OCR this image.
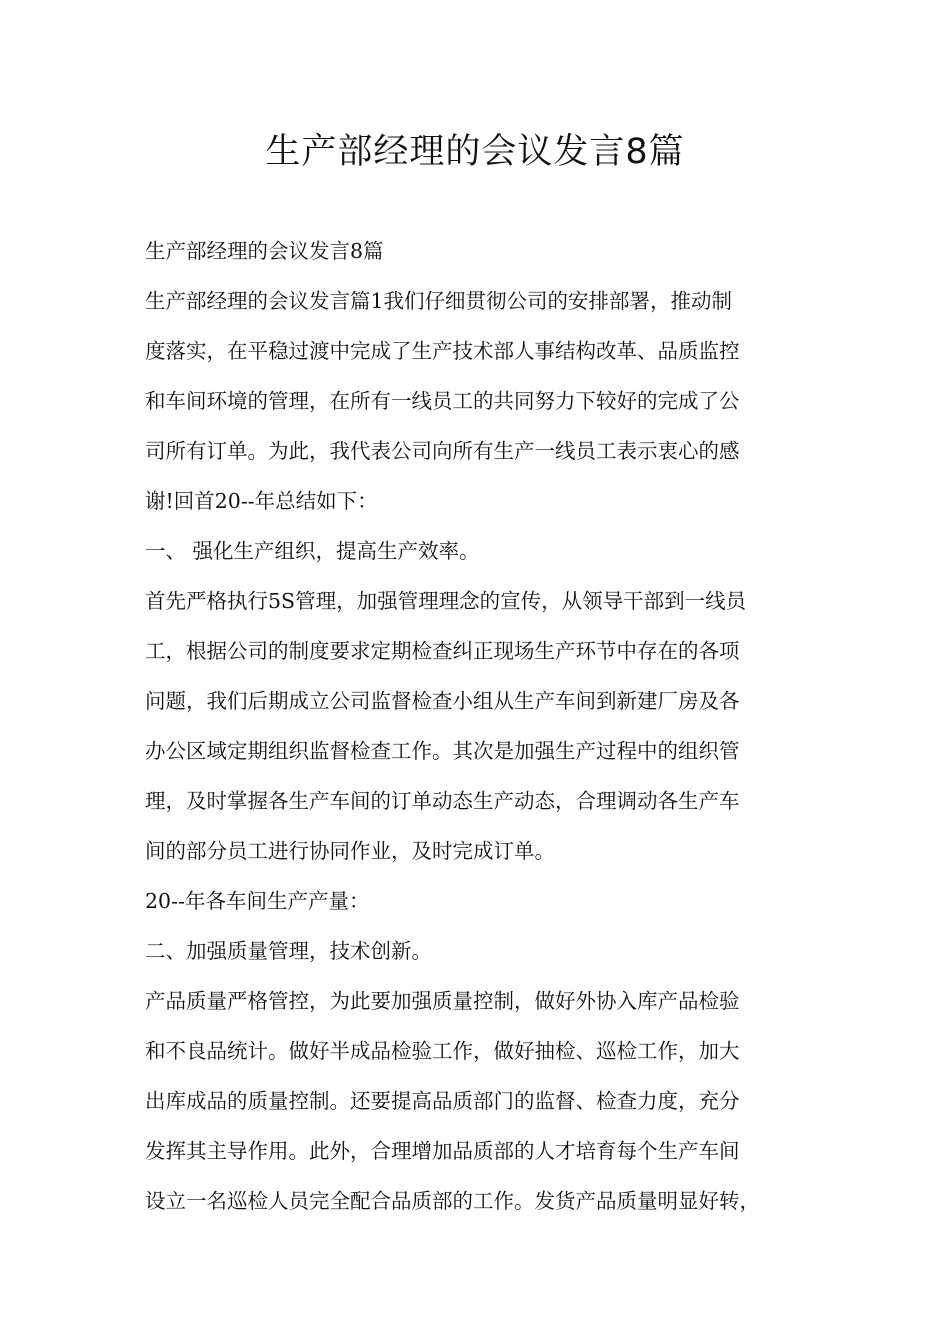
生产部经理的会议发言8篇

生产部经理的会议发言8篇

生产部经理的会议发言篇1我们仔细贯彻公司的安排部署，推动制

度落实，在平稳过渡中完成了生产技术部人事结构改革、品质监控

和车间环境的管理，在所有一线员工的共同努力下较好的完成了公

司所有订单。为此，我代表公司向所有生产一线员工表示衷心的感

谢!回首20--年总结如下：

一、 强化生产组织，提高生产效率。

首先严格执行5S管理，加强管理理念的宣传，从领导干部到一线员

工，根据公司的制度要求定期检查纠正现场生产环节中存在的各项

问题，我们后期成立公司监督检查小组从生产车间到新建厂房及各

办公区域定期组织监督检查工作。其次是加强生产过程中的组织管

理，及时掌握各生产车间的订单动态生产动态，合理调动各生产车

间的部分员工进行协同作业，及时完成订单。

20--年各车间生产产量：

二、加强质量管理，技术创新。

产品质量严格管控，为此要加强质量控制，做好外协入库产品检验

和不良品统计。做好半成品检验工作，做好抽检、巡检工作，加大

出库成品的质量控制。还要提高品质部门的监督、检查力度，充分

发挥其主导作用。此外，合理增加品质部的人才培育每个生产车间

设立一名巡检人员完全配合品质部的工作。发货产品质量明显好转，
